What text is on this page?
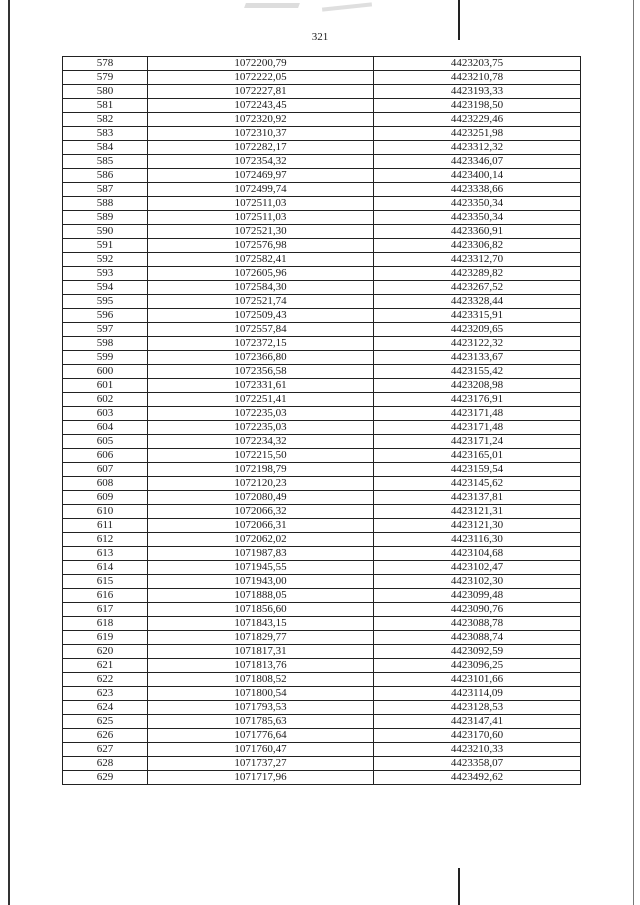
321
578	1072200,79	4423203,75
579	1072222,05	4423210,78
580	1072227,81	4423193,33
581	1072243,45	4423198,50
582	1072320,92	4423229,46
583	1072310,37	4423251,98
584	1072282,17	4423312,32
585	1072354,32	4423346,07
586	1072469,97	4423400,14
587	1072499,74	4423338,66
588	1072511,03	4423350,34
589	1072511,03	4423350,34
590	1072521,30	4423360,91
591	1072576,98	4423306,82
592	1072582,41	4423312,70
593	1072605,96	4423289,82
594	1072584,30	4423267,52
595	1072521,74	4423328,44
596	1072509,43	4423315,91
597	1072557,84	4423209,65
598	1072372,15	4423122,32
599	1072366,80	4423133,67
600	1072356,58	4423155,42
601	1072331,61	4423208,98
602	1072251,41	4423176,91
603	1072235,03	4423171,48
604	1072235,03	4423171,48
605	1072234,32	4423171,24
606	1072215,50	4423165,01
607	1072198,79	4423159,54
608	1072120,23	4423145,62
609	1072080,49	4423137,81
610	1072066,32	4423121,31
611	1072066,31	4423121,30
612	1072062,02	4423116,30
613	1071987,83	4423104,68
614	1071945,55	4423102,47
615	1071943,00	4423102,30
616	1071888,05	4423099,48
617	1071856,60	4423090,76
618	1071843,15	4423088,78
619	1071829,77	4423088,74
620	1071817,31	4423092,59
621	1071813,76	4423096,25
622	1071808,52	4423101,66
623	1071800,54	4423114,09
624	1071793,53	4423128,53
625	1071785,63	4423147,41
626	1071776,64	4423170,60
627	1071760,47	4423210,33
628	1071737,27	4423358,07
629	1071717,96	4423492,62
